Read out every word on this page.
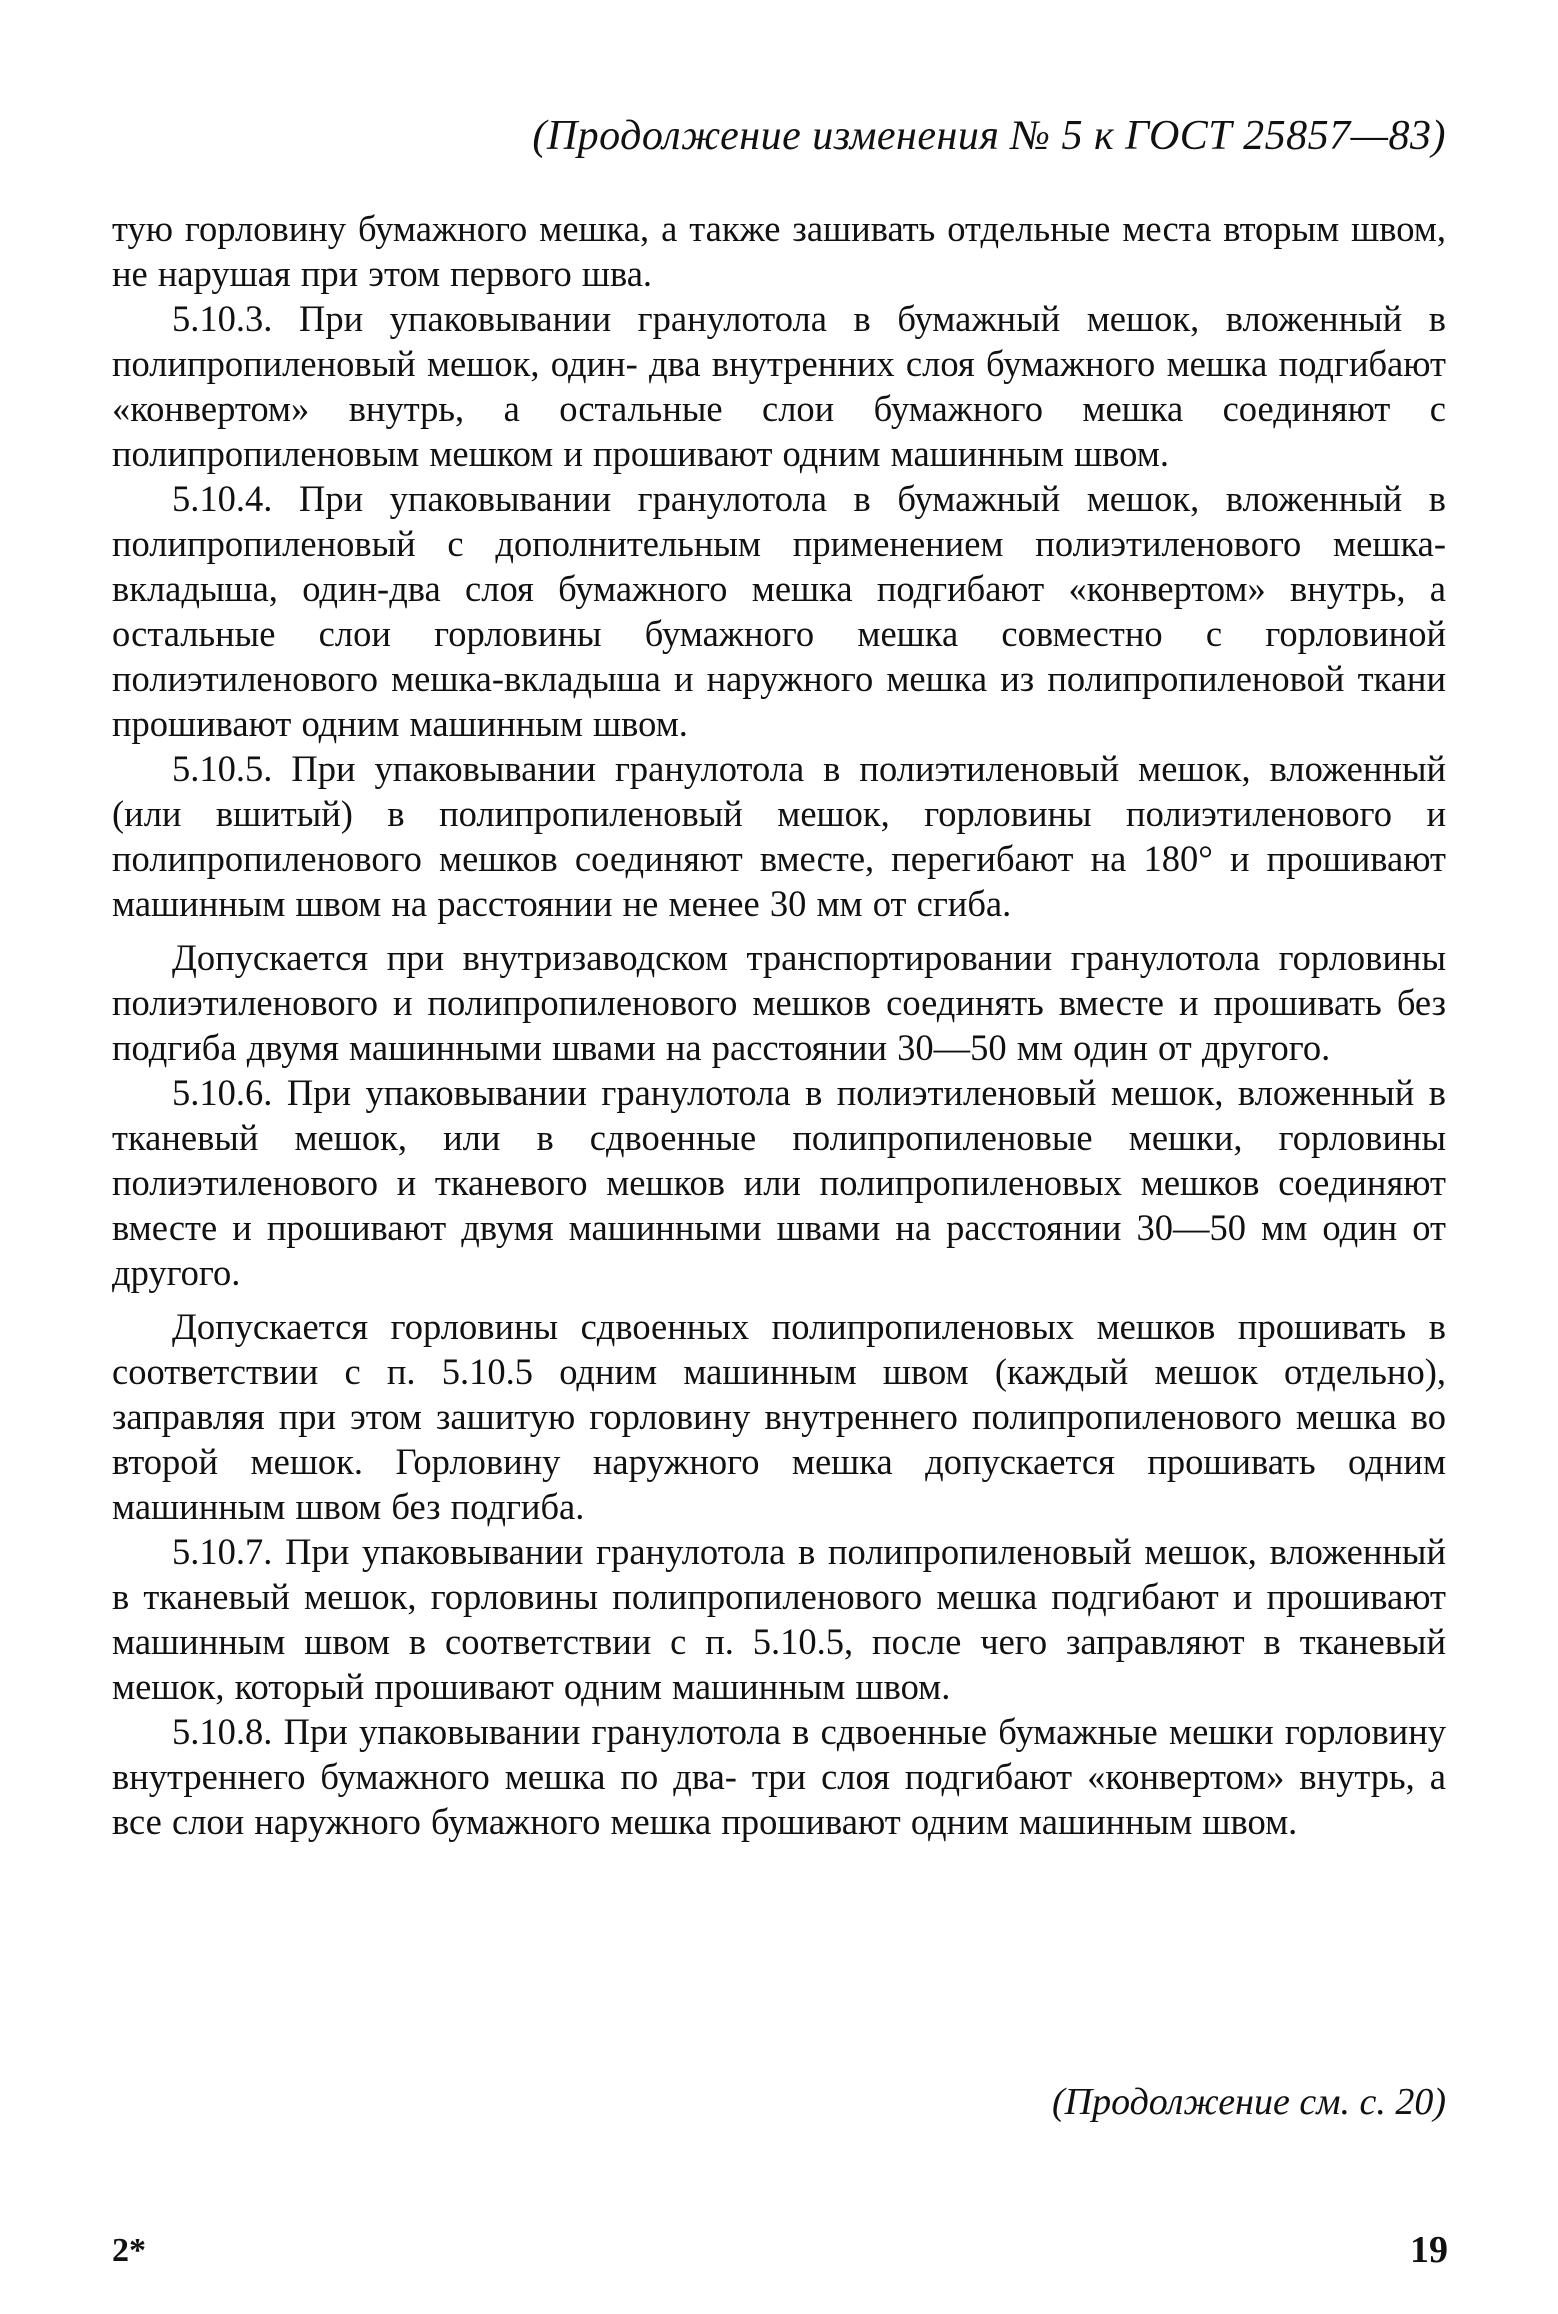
(Продолжение изменения № 5 к ГОСТ 25857—83)

тую горловину бумажного мешка, а также зашивать отдельные места вторым швом, не нарушая при этом первого шва.

5.10.3. При упаковывании гранулотола в бумажный мешок, вложенный в полипропиленовый мешок, один- два внутренних слоя бумажного мешка подгибают «конвертом» внутрь, а остальные слои бумажного мешка соединяют с полипропиленовым мешком и прошивают одним машинным швом.

5.10.4. При упаковывании гранулотола в бумажный мешок, вложенный в полипропиленовый с дополнительным применением полиэтиленового мешка-вкладыша, один-два слоя бумажного мешка подгибают «конвертом» внутрь, а остальные слои горловины бумажного мешка совместно с горловиной полиэтиленового мешка-вкладыша и наружного мешка из полипропиленовой ткани прошивают одним машинным швом.

5.10.5. При упаковывании гранулотола в полиэтиленовый мешок, вложенный (или вшитый) в полипропиленовый мешок, горловины полиэтиленового и полипропиленового мешков соединяют вместе, перегибают на 180° и прошивают машинным швом на расстоянии не менее 30 мм от сгиба.

Допускается при внутризаводском транспортировании гранулотола горловины полиэтиленового и полипропиленового мешков соединять вместе и прошивать без подгиба двумя машинными швами на расстоянии 30—50 мм один от другого.

5.10.6. При упаковывании гранулотола в полиэтиленовый мешок, вложенный в тканевый мешок, или в сдвоенные полипропиленовые мешки, горловины полиэтиленового и тканевого мешков или полипропиленовых мешков соединяют вместе и прошивают двумя машинными швами на расстоянии 30—50 мм один от другого.

Допускается горловины сдвоенных полипропиленовых мешков прошивать в соответствии с п. 5.10.5 одним машинным швом (каждый мешок отдельно), заправляя при этом зашитую горловину внутреннего полипропиленового мешка во второй мешок. Горловину наружного мешка допускается прошивать одним машинным швом без подгиба.

5.10.7. При упаковывании гранулотола в полипропиленовый мешок, вложенный в тканевый мешок, горловины полипропиленового мешка подгибают и прошивают машинным швом в соответствии с п. 5.10.5, после чего заправляют в тканевый мешок, который прошивают одним машинным швом.

5.10.8. При упаковывании гранулотола в сдвоенные бумажные мешки горловину внутреннего бумажного мешка по два- три слоя подгибают «конвертом» внутрь, а все слои наружного бумажного мешка прошивают одним машинным швом.

(Продолжение см. с. 20)
2*	19
